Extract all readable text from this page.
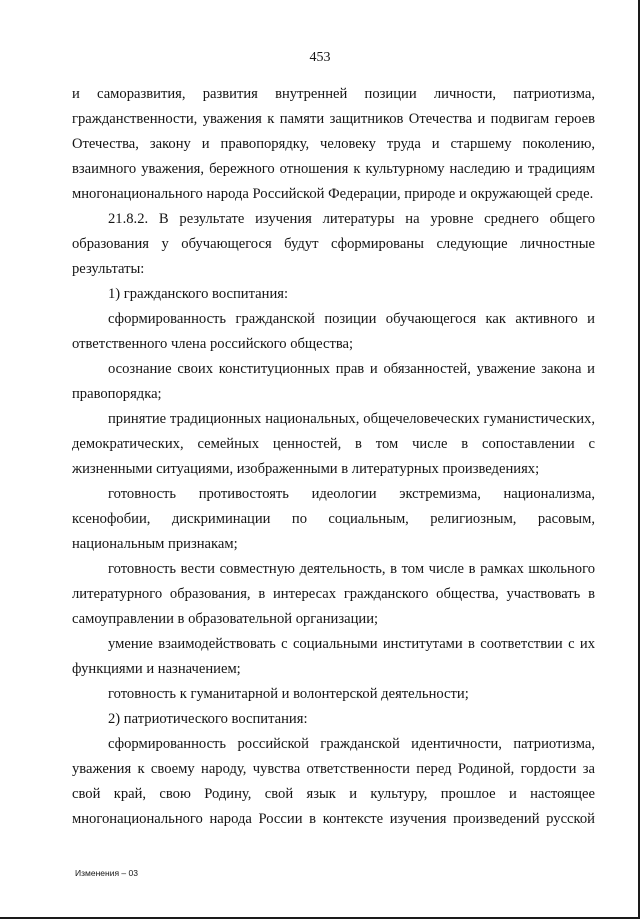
453

и саморазвития, развития внутренней позиции личности, патриотизма, гражданственности, уважения к памяти защитников Отечества и подвигам героев Отечества, закону и правопорядку, человеку труда и старшему поколению, взаимного уважения, бережного отношения к культурному наследию и традициям многонационального народа Российской Федерации, природе и окружающей среде.

21.8.2. В результате изучения литературы на уровне среднего общего образования у обучающегося будут сформированы следующие личностные результаты:

1) гражданского воспитания:

сформированность гражданской позиции обучающегося как активного и ответственного члена российского общества;

осознание своих конституционных прав и обязанностей, уважение закона и правопорядка;

принятие традиционных национальных, общечеловеческих гуманистических, демократических, семейных ценностей, в том числе в сопоставлении с жизненными ситуациями, изображенными в литературных произведениях;

готовность противостоять идеологии экстремизма, национализма, ксенофобии, дискриминации по социальным, религиозным, расовым, национальным признакам;

готовность вести совместную деятельность, в том числе в рамках школьного литературного образования, в интересах гражданского общества, участвовать в самоуправлении в образовательной организации;

умение взаимодействовать с социальными институтами в соответствии с их функциями и назначением;

готовность к гуманитарной и волонтерской деятельности;

2) патриотического воспитания:

сформированность российской гражданской идентичности, патриотизма, уважения к своему народу, чувства ответственности перед Родиной, гордости за свой край, свою Родину, свой язык и культуру, прошлое и настоящее многонационального народа России в контексте изучения произведений русской

Изменения – 03
